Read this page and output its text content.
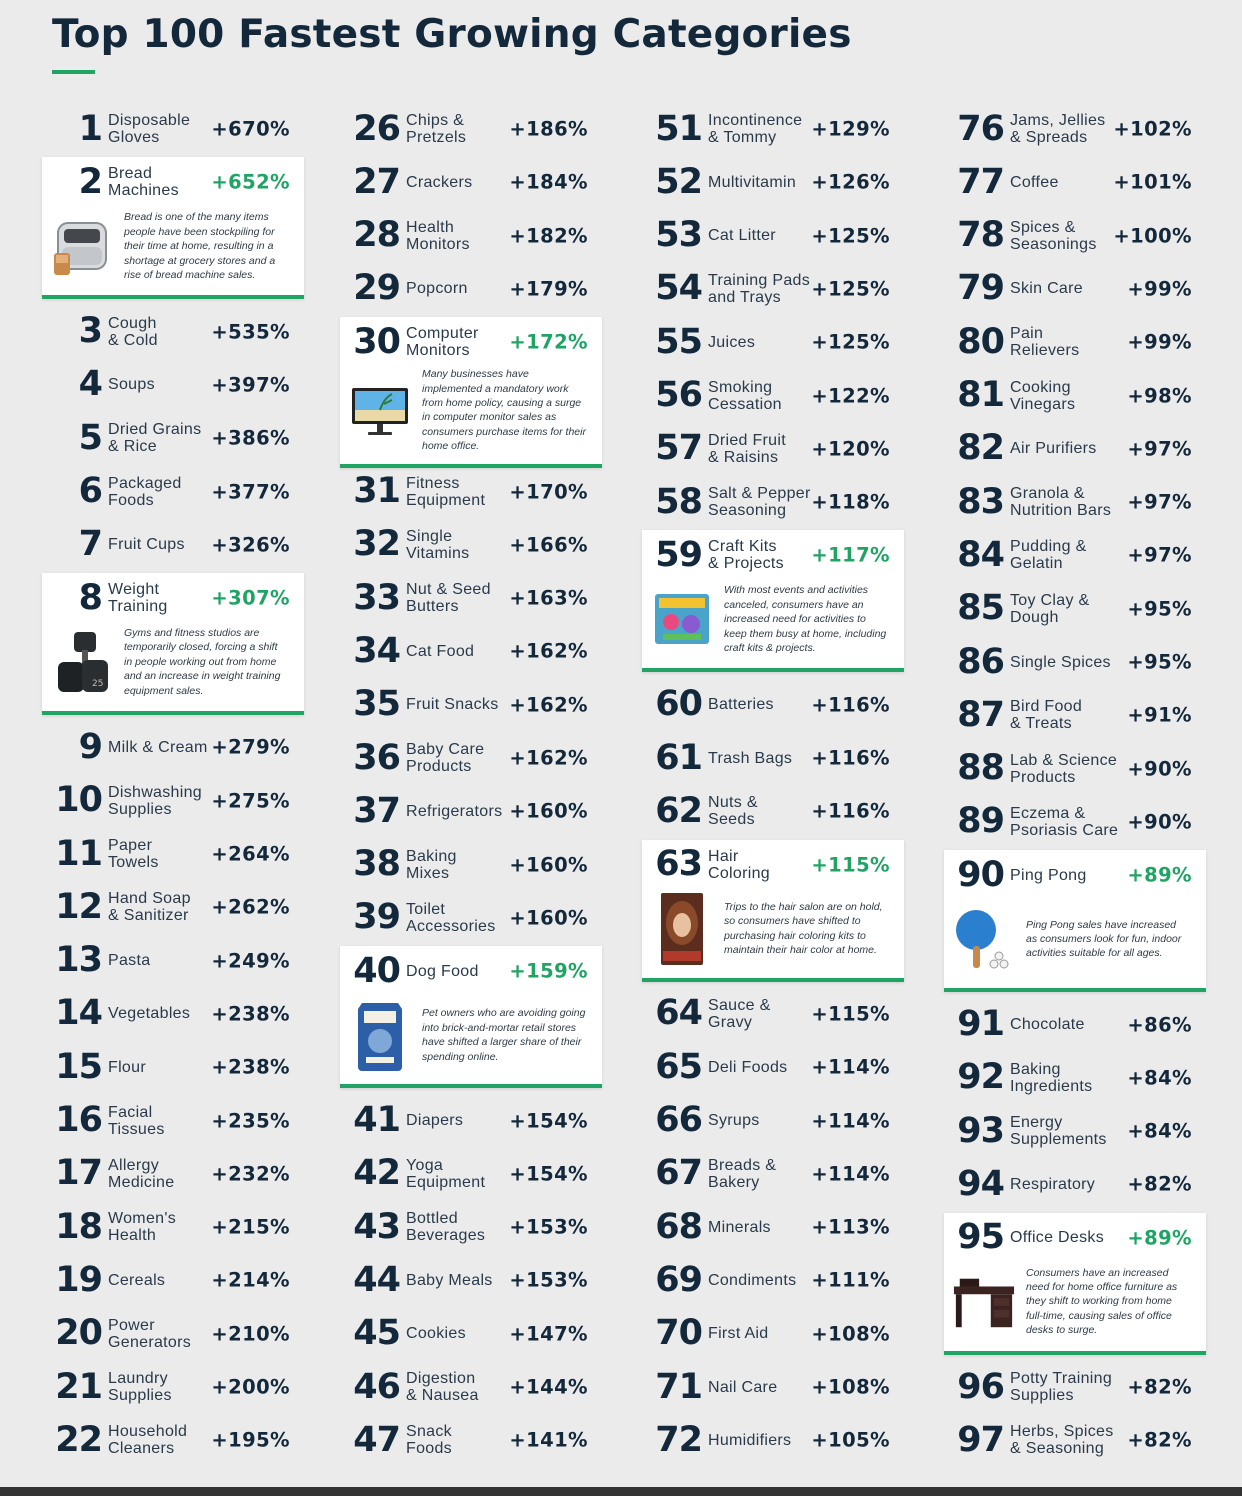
Top 100 Fastest Growing Categories
1 Disposable
Gloves	+670%
2 Bread
Machines	+652%
Bread is one of the many items people have been stockpiling for their time at home, resulting in a shortage at grocery stores and a rise of bread machine sales.
3 Cough
& Cold	+535%
4 Soups	+397%
5 Dried Grains
& Rice	+386%
6 Packaged
Foods	+377%
7 Fruit Cups	+326%
8 Weight
Training	+307%
25
Gyms and fitness studios are temporarily closed, forcing a shift in people working out from home and an increase in weight training equipment sales.
9 Milk & Cream +279%
10 Dishwashing
Supplies	+275%
11 Paper
Towels	+264%
12 Hand Soap
& Sanitizer	+262%
13 Pasta	+249%
14 Vegetables	+238%
15 Flour	+238%
16 Facial
Tissues	+235%
17 Allergy
Medicine	+232%
18 Women's
Health	+215%
19 Cereals	+214%
20 Power
Generators	+210%
21 Laundry
Supplies	+200%
22 Household
Cleaners	+195%
26 Chips &
Pretzels	+186%
27 Crackers	+184%
28 Health
Monitors	+182%
29 Popcorn	+179%
30 Computer
Monitors	+172%
Many businesses have implemented a mandatory work from home policy, causing a surge in computer monitor sales as consumers purchase items for their home office.
31 Fitness
Equipment	+170%
32 Single
Vitamins	+166%
33 Nut & Seed
Butters	+163%
34 Cat Food	+162%
35 Fruit Snacks +162%
36 Baby Care
Products	+162%
37 Refrigerators +160%
38 Baking
Mixes	+160%
39 Toilet
Accessories +160%
40 Dog Food	+159%
Pet owners who are avoiding going into brick-and-mortar retail stores have shifted a larger share of their spending online.
41 Diapers	+154%
42 Yoga
Equipment	+154%
43 Bottled
Beverages	+153%
44 Baby Meals +153%
45 Cookies	+147%
46 Digestion
& Nausea	+144%
47 Snack
Foods	+141%
51 Incontinence
& Tommy	+129%
52 Multivitamin +126%
53 Cat Litter	+125%
54 Training Pads
and Trays	+125%
55 Juices	+125%
56 Smoking
Cessation	+122%
57 Dried Fruit
& Raisins	+120%
58 Salt & Pepper
Seasoning	+118%
59 Craft Kits
& Projects	+117%
With most events and activities canceled, consumers have an increased need for activities to keep them busy at home, including craft kits & projects.
60 Batteries	+116%
61 Trash Bags +116%
62 Nuts &
Seeds	+116%
63 Hair
Coloring	+115%
Trips to the hair salon are on hold, so consumers have shifted to purchasing hair coloring kits to maintain their hair color at home.
64 Sauce &
Gravy	+115%
65 Deli Foods	+114%
66 Syrups	+114%
67 Breads &
Bakery	+114%
68 Minerals	+113%
69 Condiments +111%
70 First Aid	+108%
71 Nail Care	+108%
72 Humidifiers	+105%
76 Jams, Jellies
& Spreads	+102%
77 Coffee	+101%
78 Spices &
Seasonings +100%
79 Skin Care	+99%
80 Pain
Relievers	+99%
81 Cooking
Vinegars	+98%
82 Air Purifiers	+97%
83 Granola &
Nutrition Bars +97%
84 Pudding &
Gelatin	+97%
85 Toy Clay &
Dough	+95%
86 Single Spices +95%
87 Bird Food
& Treats	+91%
88 Lab & Science
Products	+90%
89 Eczema &
Psoriasis Care +90%
90 Ping Pong	+89%
Ping Pong sales have increased as consumers look for fun, indoor activities suitable for all ages.
91 Chocolate	+86%
92 Baking
Ingredients	+84%
93 Energy
Supplements	+84%
94 Respiratory	+82%
95 Office Desks	+89%
Consumers have an increased need for home office furniture as they shift to working from home full-time, causing sales of office desks to surge.
96 Potty Training
Supplies	+82%
97 Herbs, Spices
& Seasoning	+82%
